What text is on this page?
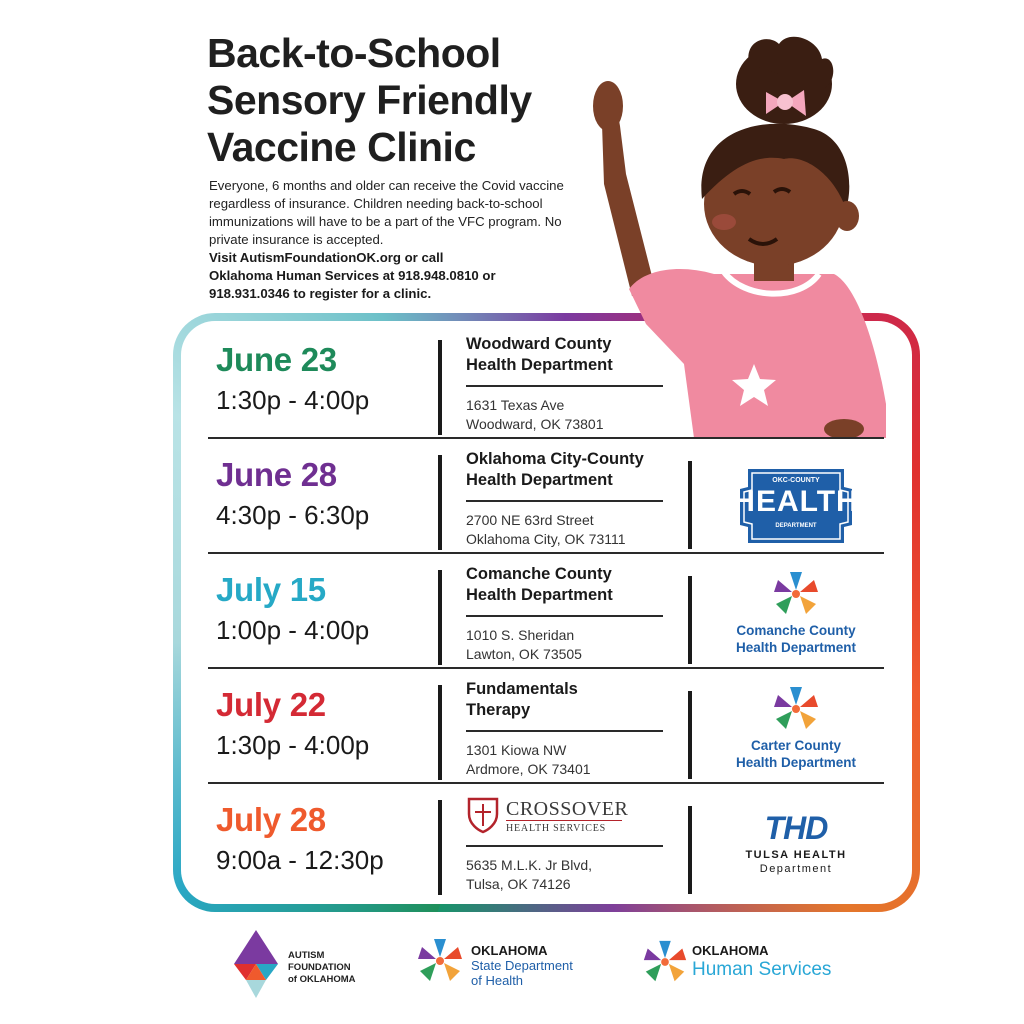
Back-to-School
Sensory Friendly
Vaccine Clinic

Everyone, 6 months and older can receive the Covid vaccine regardless of insurance. Children needing back-to-school immunizations will have to be a part of the VFC program. No private insurance is accepted.

Visit AutismFoundationOK.org or call
Oklahoma Human Services at 918.948.0810 or
918.931.0346 to register for a clinic.

June 23

1:30p - 4:00p

Woodward County
Health Department

1631 Texas Ave
Woodward, OK 73801

June 28

4:30p - 6:30p

Oklahoma City-County
Health Department

2700 NE 63rd Street
Oklahoma City, OK 73111

OKC-COUNTY
HEALTH
DEPARTMENT

July 15

1:00p - 4:00p

Comanche County
Health Department

1010 S. Sheridan
Lawton, OK 73505

Comanche County
Health Department

July 22

1:30p - 4:00p

Fundamentals
Therapy

1301 Kiowa NW
Ardmore, OK 73401

Carter County
Health Department

July 28

9:00a - 12:30p

CROSSOVER
HEALTH SERVICES

5635 M.L.K. Jr Blvd,
Tulsa, OK 74126

THD
TULSA HEALTH
Department
AUTISM
FOUNDATION
of OKLAHOMA
OKLAHOMA
State Department
of Health
OKLAHOMA
Human Services
